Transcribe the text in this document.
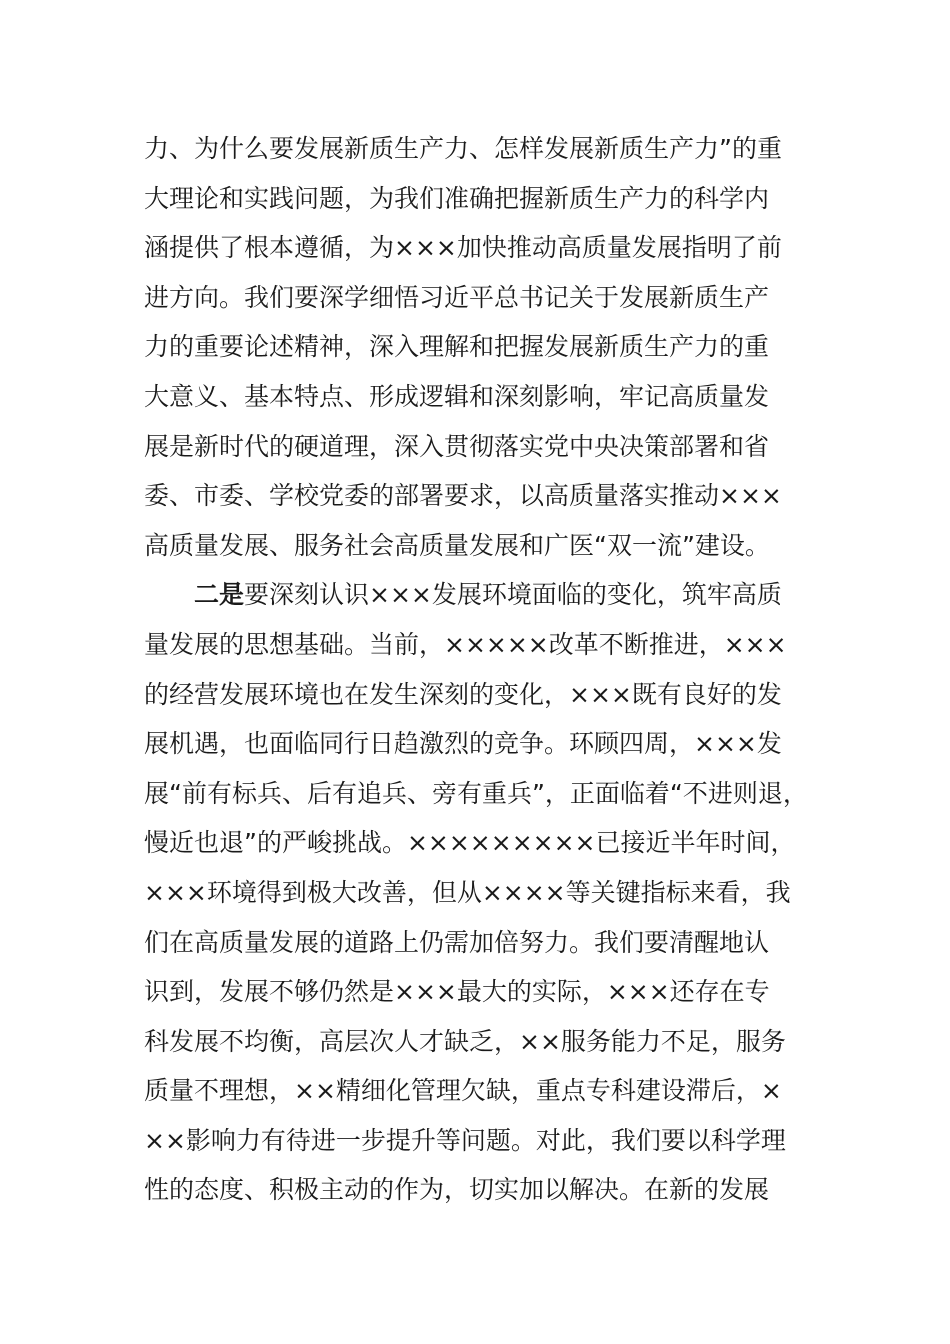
力、为什么要发展新质生产力、怎样发展新质生产力”的重
大理论和实践问题，为我们准确把握新质生产力的科学内
涵提供了根本遵循，为×××加快推动高质量发展指明了前
进方向。我们要深学细悟习近平总书记关于发展新质生产
力的重要论述精神，深入理解和把握发展新质生产力的重
大意义、基本特点、形成逻辑和深刻影响，牢记高质量发
展是新时代的硬道理，深入贯彻落实党中央决策部署和省
委、市委、学校党委的部署要求，以高质量落实推动×××
高质量发展、服务社会高质量发展和广医“双一流”建设。
二是要深刻认识×××发展环境面临的变化，筑牢高质
量发展的思想基础。当前，×××××改革不断推进，×××
的经营发展环境也在发生深刻的变化，×××既有良好的发
展机遇，也面临同行日趋激烈的竞争。环顾四周，×××发
展“前有标兵、后有追兵、旁有重兵”，正面临着“不进则退，
慢近也退”的严峻挑战。×××××××××已接近半年时间，
×××环境得到极大改善，但从××××等关键指标来看，我
们在高质量发展的道路上仍需加倍努力。我们要清醒地认
识到，发展不够仍然是×××最大的实际，×××还存在专
科发展不均衡，高层次人才缺乏，××服务能力不足，服务
质量不理想，××精细化管理欠缺，重点专科建设滞后，×
××影响力有待进一步提升等问题。对此，我们要以科学理
性的态度、积极主动的作为，切实加以解决。在新的发展
